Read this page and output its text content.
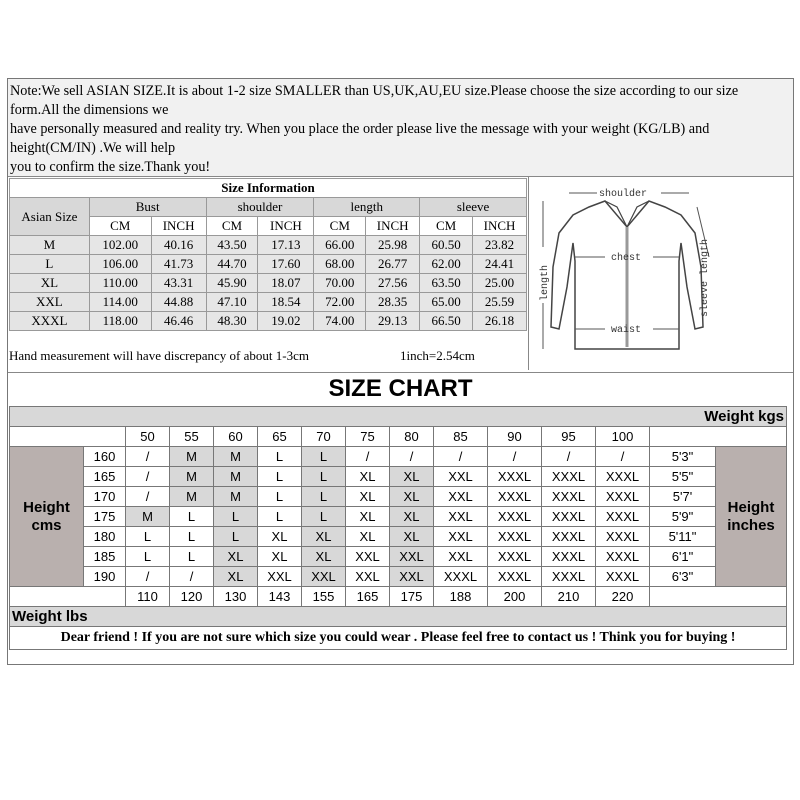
Note:We sell ASIAN SIZE.It is about 1-2 size SMALLER than US,UK,AU,EU size.Please choose the size according to our size
form.All the dimensions we
have personally measured and reality try. When you place the order please live the message with your weight (KG/LB) and
height(CM/IN) .We will help
you to confirm the size.Thank you!
Size Information								
Asian Size	Bust		shoulder		length		sleeve	
	CM	INCH	CM	INCH	CM	INCH	CM	INCH
M	102.00	40.16	43.50	17.13	66.00	25.98	60.50	23.82
L	106.00	41.73	44.70	17.60	68.00	26.77	62.00	24.41
XL	110.00	43.31	45.90	18.07	70.00	27.56	63.50	25.00
XXL	114.00	44.88	47.10	18.54	72.00	28.35	65.00	25.59
XXXL	118.00	46.46	48.30	19.02	74.00	29.13	66.50	26.18
Hand measurement will have discrepancy of about 1-3cm	1inch=2.54cm
shoulder
chest
waist
length	sleeve length
SIZE CHART
Weight kgs														
		50	55	60	65	70	75	80	85	90	95	100		
Height
cms	160	/	M	M	L	L	/	/	/	/	/	/	5'3"	Height
inches
	165	/	M	M	L	L	XL	XL	XXL	XXXL	XXXL	XXXL	5'5"	
	170	/	M	M	L	L	XL	XL	XXL	XXXL	XXXL	XXXL	5'7'	
	175	M	L	L	L	L	XL	XL	XXL	XXXL	XXXL	XXXL	5'9"	
	180	L	L	L	XL	XL	XL	XL	XXL	XXXL	XXXL	XXXL	5'11"	
	185	L	L	XL	XL	XL	XXL	XXL	XXL	XXXL	XXXL	XXXL	6'1"	
	190	/	/	XL	XXL	XXL	XXL	XXL	XXXL	XXXL	XXXL	XXXL	6'3"	
		110	120	130	143	155	165	175	188	200	210	220		
Weight lbs														
Dear friend ! If you are not sure which size you could wear . Please feel free to contact us ! Think you for buying !														
